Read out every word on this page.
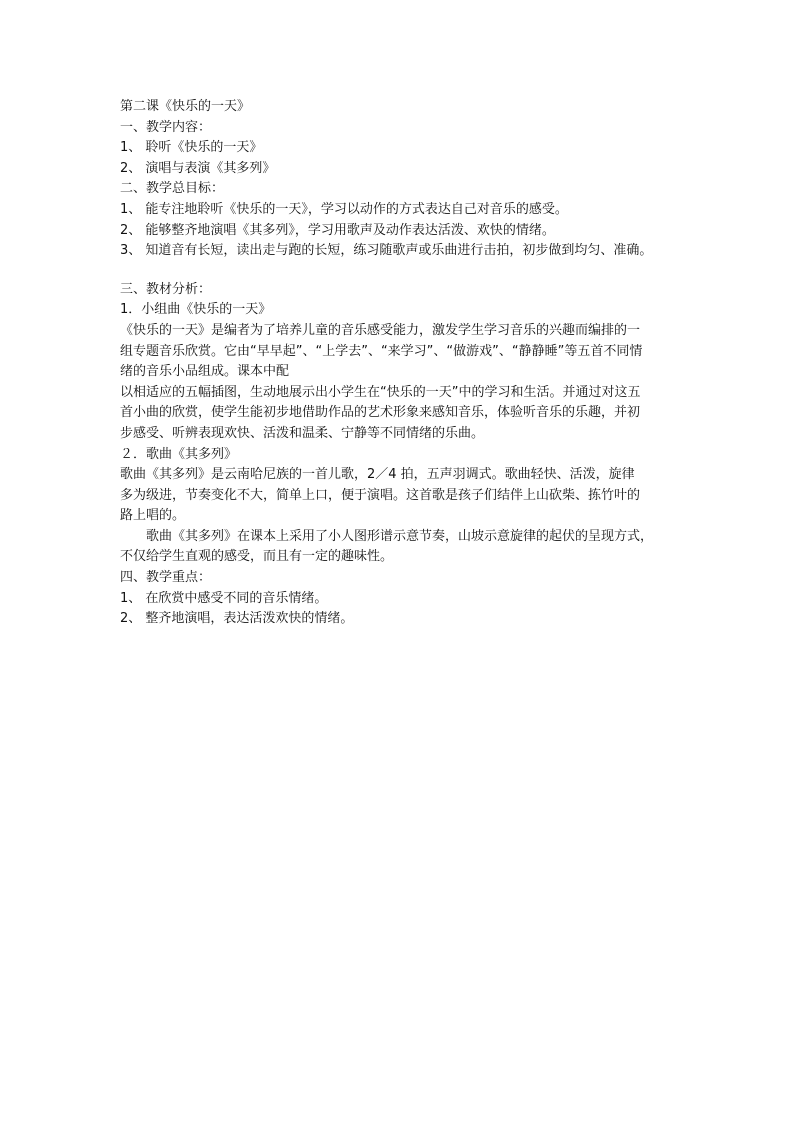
第二课《快乐的一天》
一、教学内容：
1、 聆听《快乐的一天》
2、 演唱与表演《其多列》
二、教学总目标：
1、 能专注地聆听《快乐的一天》，学习以动作的方式表达自己对音乐的感受。
2、 能够整齐地演唱《其多列》，学习用歌声及动作表达活泼、欢快的情绪。
3、 知道音有长短，读出走与跑的长短，练习随歌声或乐曲进行击拍，初步做到均匀、准确。
三、教材分析：
1．小组曲《快乐的一天》
《快乐的一天》是编者为了培养儿童的音乐感受能力，激发学生学习音乐的兴趣而编排的一
组专题音乐欣赏。它由“早早起”、“上学去”、“来学习”、“做游戏”、“静静睡”等五首不同情
绪的音乐小品组成。课本中配
以相适应的五幅插图，生动地展示出小学生在“快乐的一天”中的学习和生活。并通过对这五
首小曲的欣赏，使学生能初步地借助作品的艺术形象来感知音乐，体验听音乐的乐趣，并初
步感受、听辨表现欢快、活泼和温柔、宁静等不同情绪的乐曲。
２．歌曲《其多列》
歌曲《其多列》是云南哈尼族的一首儿歌，2／4 拍，五声羽调式。歌曲轻快、活泼，旋律
多为级进，节奏变化不大，简单上口，便于演唱。这首歌是孩子们结伴上山砍柴、拣竹叶的
路上唱的。
歌曲《其多列》在课本上采用了小人图形谱示意节奏，山坡示意旋律的起伏的呈现方式，
不仅给学生直观的感受，而且有一定的趣味性。
四、教学重点：
1、 在欣赏中感受不同的音乐情绪。
2、 整齐地演唱，表达活泼欢快的情绪。
